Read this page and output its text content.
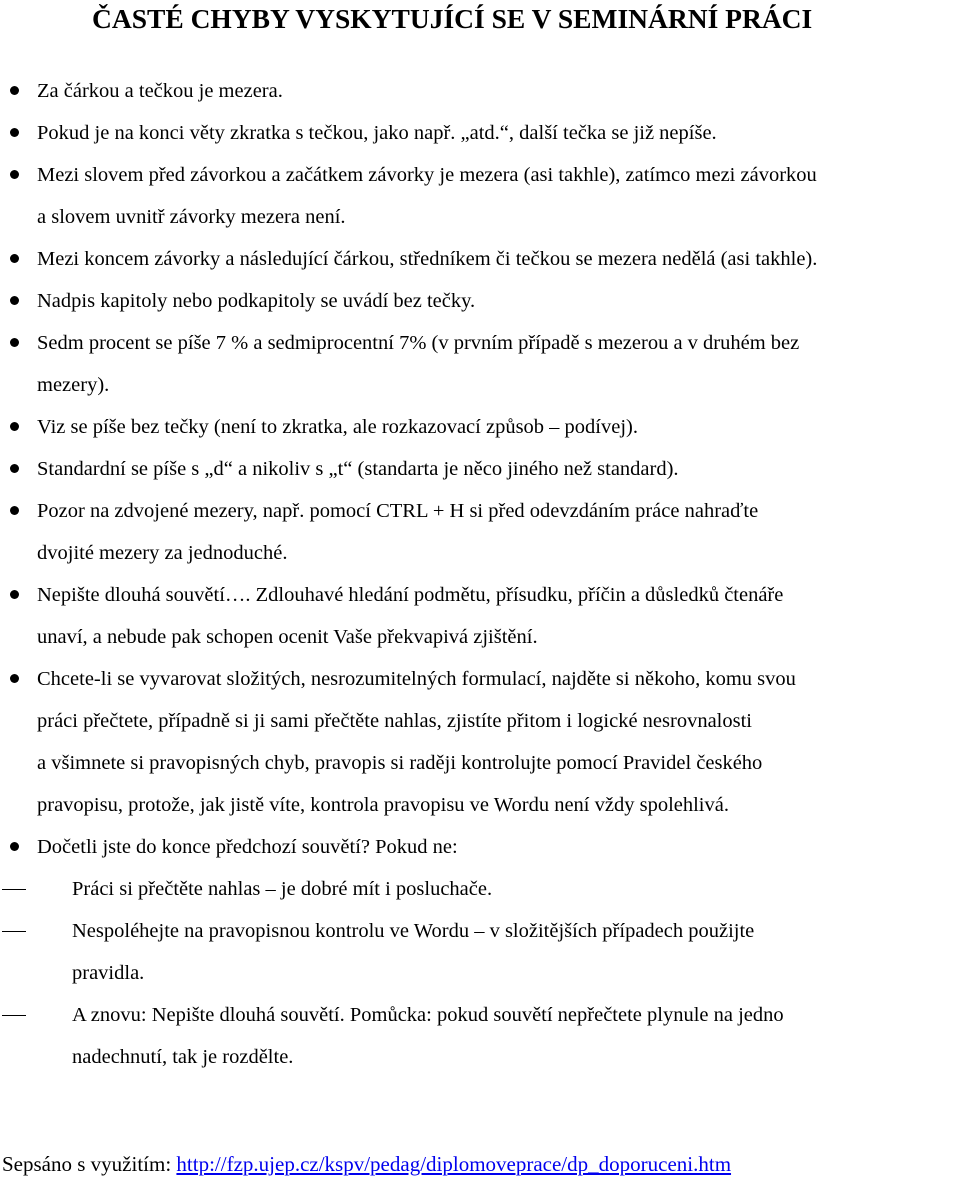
ČASTÉ CHYBY VYSKYTUJÍCÍ SE V SEMINÁRNÍ PRÁCI
Za čárkou a tečkou je mezera.
Pokud je na konci věty zkratka s tečkou, jako např. „atd.“, další tečka se již nepíše.
Mezi slovem před závorkou a začátkem závorky je mezera (asi takhle), zatímco mezi závorkou
a slovem uvnitř závorky mezera není.
Mezi koncem závorky a následující čárkou, středníkem či tečkou se mezera nedělá (asi takhle).
Nadpis kapitoly nebo podkapitoly se uvádí bez tečky.
Sedm procent se píše 7 % a sedmiprocentní 7% (v prvním případě s mezerou a v druhém bez
mezery).
Viz se píše bez tečky (není to zkratka, ale rozkazovací způsob – podívej).
Standardní se píše s „d“ a nikoliv s „t“ (standarta je něco jiného než standard).
Pozor na zdvojené mezery, např. pomocí CTRL + H si před odevzdáním práce nahraďte
dvojité mezery za jednoduché.
Nepište dlouhá souvětí…. Zdlouhavé hledání podmětu, přísudku, příčin a důsledků čtenáře
unaví, a nebude pak schopen ocenit Vaše překvapivá zjištění.
Chcete-li se vyvarovat složitých, nesrozumitelných formulací, najděte si někoho, komu svou
práci přečtete, případně si ji sami přečtěte nahlas, zjistíte přitom i logické nesrovnalosti
a všimnete si pravopisných chyb, pravopis si raději kontrolujte pomocí Pravidel českého
pravopisu, protože, jak jistě víte, kontrola pravopisu ve Wordu není vždy spolehlivá.
Dočetli jste do konce předchozí souvětí? Pokud ne:
Práci si přečtěte nahlas – je dobré mít i posluchače.
Nespoléhejte na pravopisnou kontrolu ve Wordu – v složitějších případech použijte
pravidla.
A znovu: Nepište dlouhá souvětí. Pomůcka: pokud souvětí nepřečtete plynule na jedno
nadechnutí, tak je rozdělte.
Sepsáno s využitím: http://fzp.ujep.cz/kspv/pedag/diplomoveprace/dp_doporuceni.htm
